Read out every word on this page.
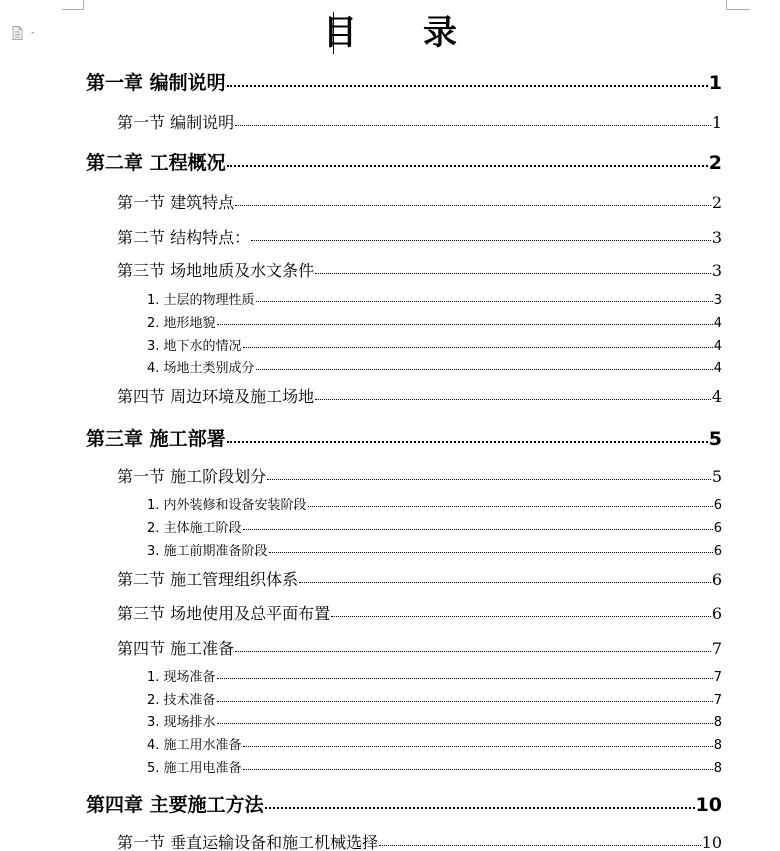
目录
第一章 编制说明	1
第一节 编制说明	1
第二章 工程概况	2
第一节 建筑特点	2
第二节 结构特点：	3
第三节 场地地质及水文条件	3
1. 土层的物理性质	3
2. 地形地貌	4
3. 地下水的情况	4
4. 场地土类别成分	4
第四节 周边环境及施工场地	4
第三章 施工部署	5
第一节 施工阶段划分	5
1. 内外装修和设备安装阶段	6
2. 主体施工阶段	6
3. 施工前期准备阶段	6
第二节 施工管理组织体系	6
第三节 场地使用及总平面布置	6
第四节 施工准备	7
1. 现场准备	7
2. 技术准备	7
3. 现场排水	8
4. 施工用水准备	8
5. 施工用电准备	8
第四章 主要施工方法	10
第一节 垂直运输设备和施工机械选择	10
